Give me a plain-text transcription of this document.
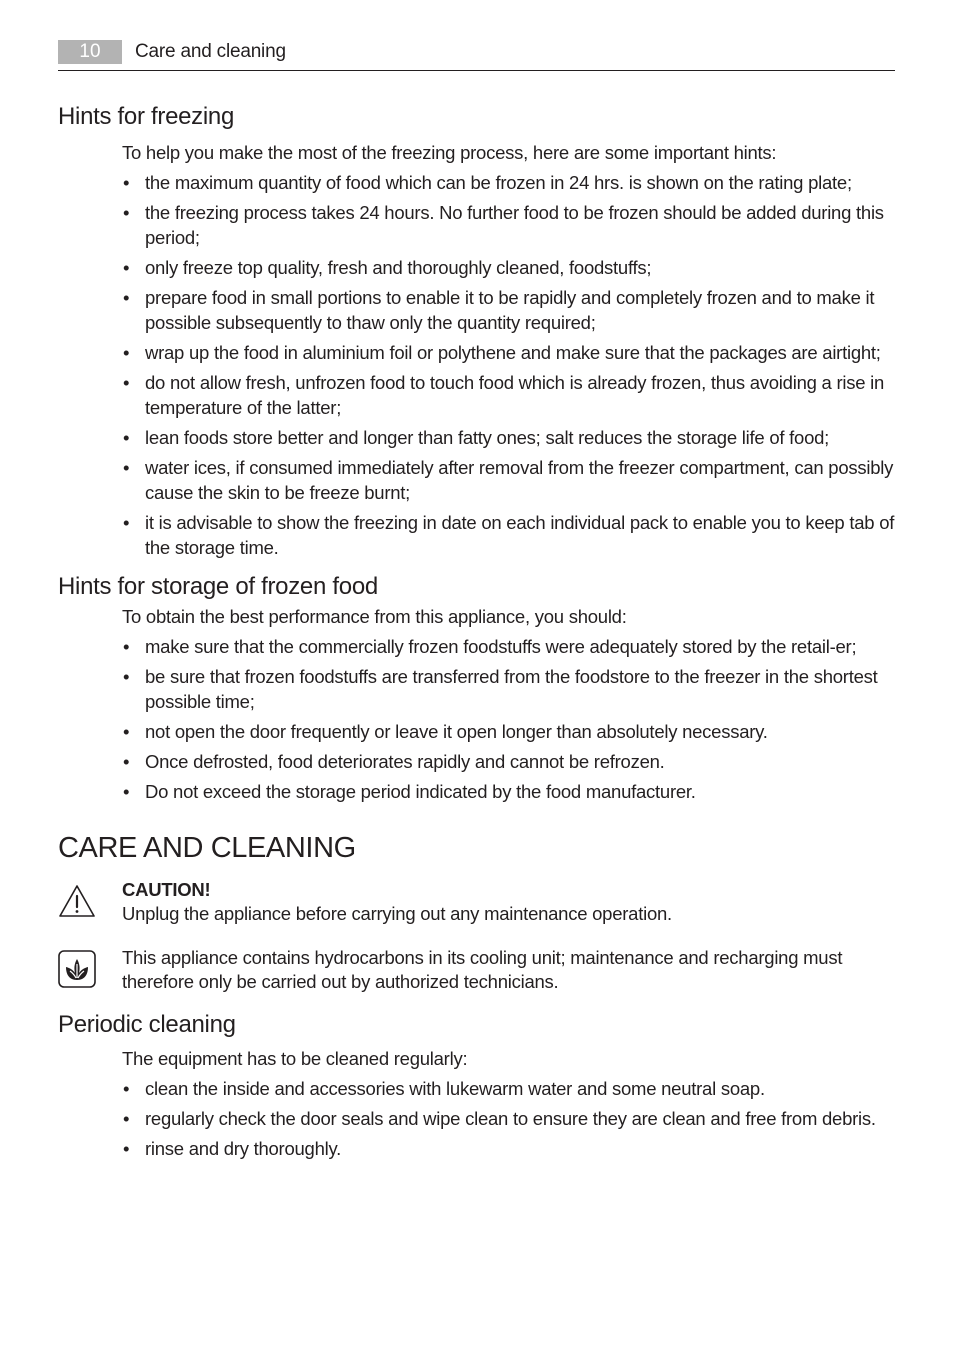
10	Care and cleaning
Hints for freezing

To help you make the most of the freezing process, here are some important hints:

• the maximum quantity of food which can be frozen in 24 hrs. is shown on the rating plate;
• the freezing process takes 24 hours. No further food to be frozen should be added during this period;
• only freeze top quality, fresh and thoroughly cleaned, foodstuffs;
• prepare food in small portions to enable it to be rapidly and completely frozen and to make it possible subsequently to thaw only the quantity required;
• wrap up the food in aluminium foil or polythene and make sure that the packages are airtight;
• do not allow fresh, unfrozen food to touch food which is already frozen, thus avoiding a rise in temperature of the latter;
• lean foods store better and longer than fatty ones; salt reduces the storage life of food;
• water ices, if consumed immediately after removal from the freezer compartment, can possibly cause the skin to be freeze burnt;
• it is advisable to show the freezing in date on each individual pack to enable you to keep tab of the storage time.
Hints for storage of frozen food

To obtain the best performance from this appliance, you should:

• make sure that the commercially frozen foodstuffs were adequately stored by the retail-er;
• be sure that frozen foodstuffs are transferred from the foodstore to the freezer in the shortest possible time;
• not open the door frequently or leave it open longer than absolutely necessary.
• Once defrosted, food deteriorates rapidly and cannot be refrozen.
• Do not exceed the storage period indicated by the food manufacturer.
CARE AND CLEANING
CAUTION!
Unplug the appliance before carrying out any maintenance operation.
This appliance contains hydrocarbons in its cooling unit; maintenance and recharging must therefore only be carried out by authorized technicians.
Periodic cleaning

The equipment has to be cleaned regularly:

• clean the inside and accessories with lukewarm water and some neutral soap.
• regularly check the door seals and wipe clean to ensure they are clean and free from debris.
• rinse and dry thoroughly.
